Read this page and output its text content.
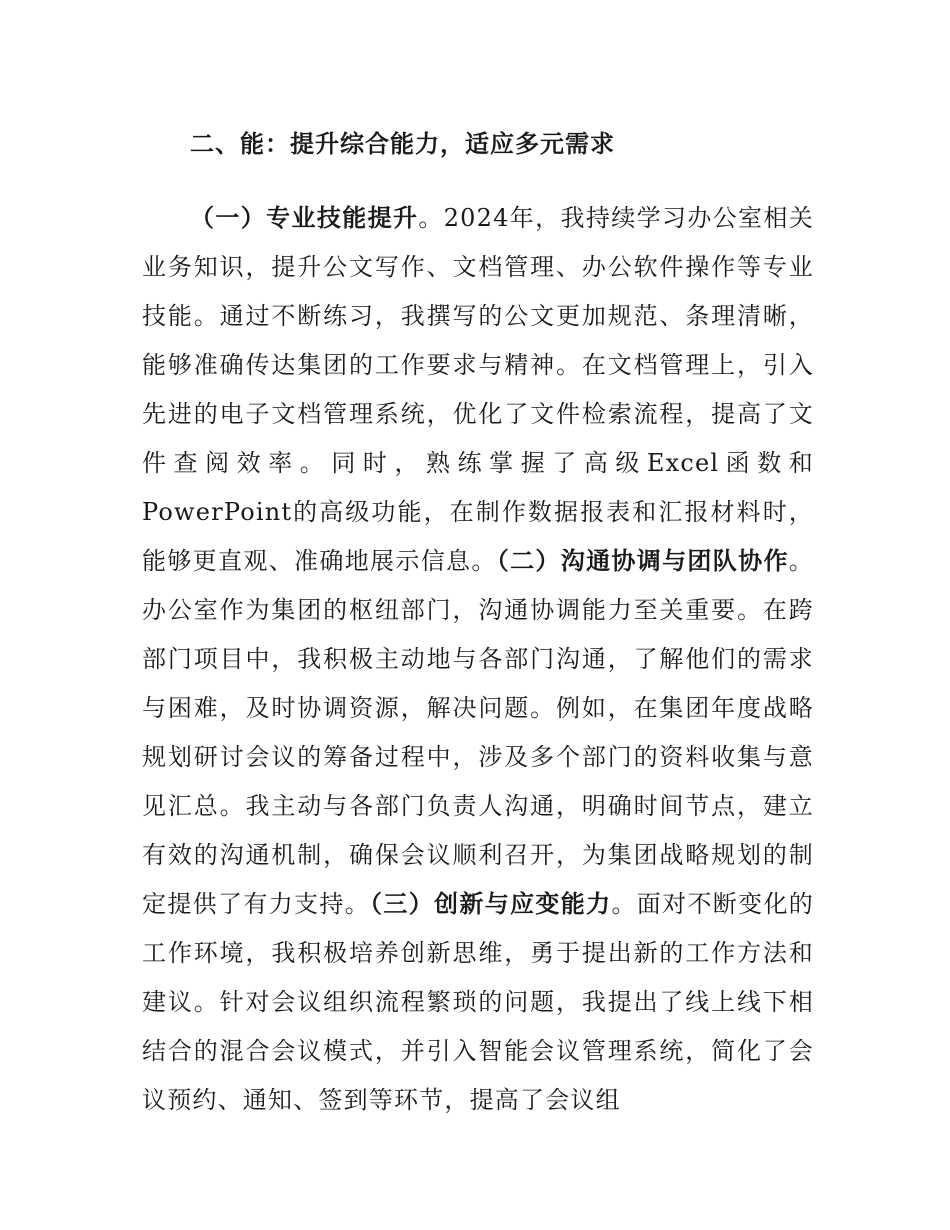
二、能：提升综合能力，适应多元需求

（一）专业技能提升。2024年，我持续学习办公室相关业务知识，提升公文写作、文档管理、办公软件操作等专业技能。通过不断练习，我撰写的公文更加规范、条理清晰，能够准确传达集团的工作要求与精神。在文档管理上，引入先进的电子文档管理系统，优化了文件检索流程，提高了文件查阅效率。同时，熟练掌握了高级Excel函数和PowerPoint的高级功能，在制作数据报表和汇报材料时，能够更直观、准确地展示信息。（二）沟通协调与团队协作。办公室作为集团的枢纽部门，沟通协调能力至关重要。在跨部门项目中，我积极主动地与各部门沟通，了解他们的需求与困难，及时协调资源，解决问题。例如，在集团年度战略规划研讨会议的筹备过程中，涉及多个部门的资料收集与意见汇总。我主动与各部门负责人沟通，明确时间节点，建立有效的沟通机制，确保会议顺利召开，为集团战略规划的制定提供了有力支持。（三）创新与应变能力。面对不断变化的工作环境，我积极培养创新思维，勇于提出新的工作方法和建议。针对会议组织流程繁琐的问题，我提出了线上线下相结合的混合会议模式，并引入智能会议管理系统，简化了会议预约、通知、签到等环节，提高了会议组
